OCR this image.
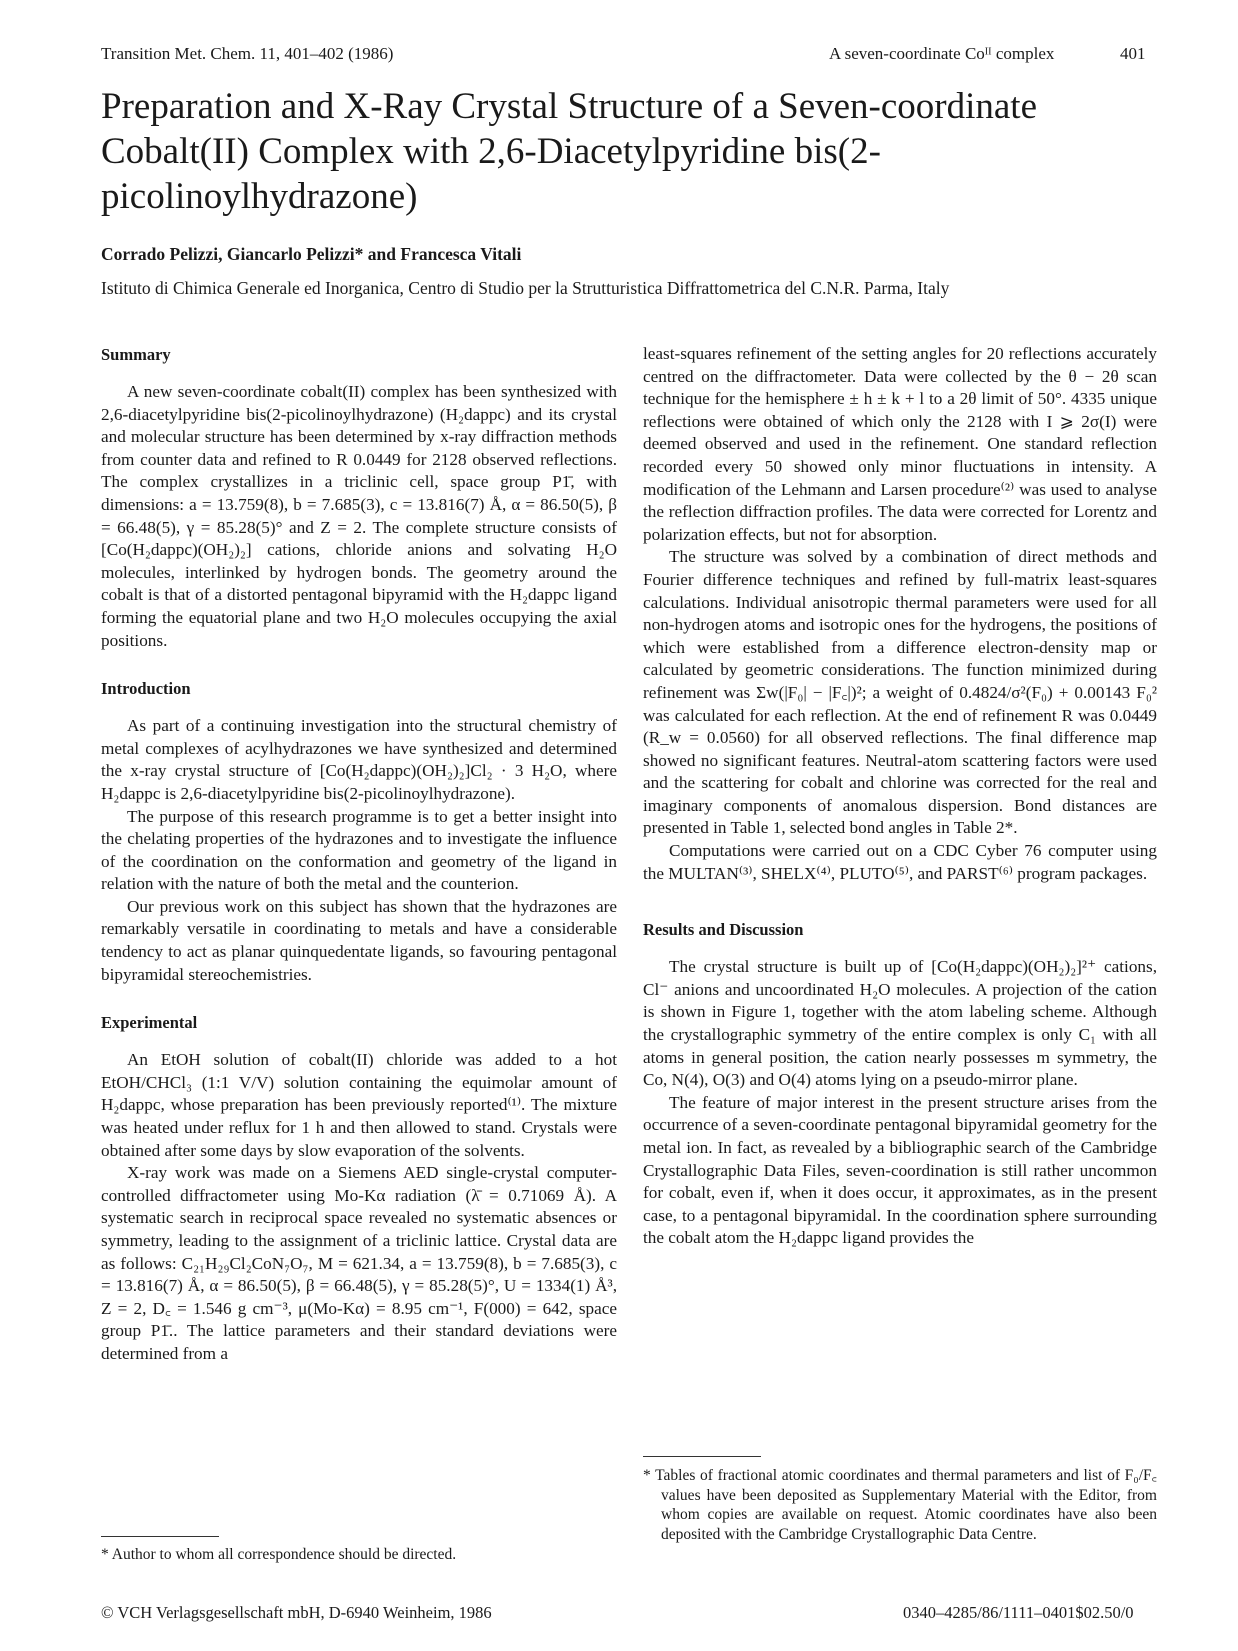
Transition Met. Chem. 11, 401–402 (1986)	A seven-coordinate Coᴵᴵ complex	401
Preparation and X-Ray Crystal Structure of a Seven-coordinate Cobalt(II) Complex with 2,6-Diacetylpyridine bis(2-picolinoylhydrazone)
Corrado Pelizzi, Giancarlo Pelizzi* and Francesca Vitali
Istituto di Chimica Generale ed Inorganica, Centro di Studio per la Strutturistica Diffrattometrica del C.N.R. Parma, Italy
Summary

A new seven-coordinate cobalt(II) complex has been synthesized with 2,6-diacetylpyridine bis(2-picolinoylhydrazone) (H₂dappc) and its crystal and molecular structure has been determined by x-ray diffraction methods from counter data and refined to R 0.0449 for 2128 observed reflections. The complex crystallizes in a triclinic cell, space group P1̄, with dimensions: a = 13.759(8), b = 7.685(3), c = 13.816(7) Å, α = 86.50(5), β = 66.48(5), γ = 85.28(5)° and Z = 2. The complete structure consists of [Co(H₂dappc)(OH₂)₂] cations, chloride anions and solvating H₂O molecules, interlinked by hydrogen bonds. The geometry around the cobalt is that of a distorted pentagonal bipyramid with the H₂dappc ligand forming the equatorial plane and two H₂O molecules occupying the axial positions.

Introduction

As part of a continuing investigation into the structural chemistry of metal complexes of acylhydrazones we have synthesized and determined the x-ray crystal structure of [Co(H₂dappc)(OH₂)₂]Cl₂ · 3 H₂O, where H₂dappc is 2,6-diacetylpyridine bis(2-picolinoylhydrazone).

The purpose of this research programme is to get a better insight into the chelating properties of the hydrazones and to investigate the influence of the coordination on the conformation and geometry of the ligand in relation with the nature of both the metal and the counterion.

Our previous work on this subject has shown that the hydrazones are remarkably versatile in coordinating to metals and have a considerable tendency to act as planar quinquedentate ligands, so favouring pentagonal bipyramidal stereochemistries.

Experimental

An EtOH solution of cobalt(II) chloride was added to a hot EtOH/CHCl₃ (1:1 V/V) solution containing the equimolar amount of H₂dappc, whose preparation has been previously reported⁽¹⁾. The mixture was heated under reflux for 1 h and then allowed to stand. Crystals were obtained after some days by slow evaporation of the solvents.

X-ray work was made on a Siemens AED single-crystal computer-controlled diffractometer using Mo-Kα radiation (λ̄ = 0.71069 Å). A systematic search in reciprocal space revealed no systematic absences or symmetry, leading to the assignment of a triclinic lattice. Crystal data are as follows: C₂₁H₂₉Cl₂CoN₇O₇, M = 621.34, a = 13.759(8), b = 7.685(3), c = 13.816(7) Å, α = 86.50(5), β = 66.48(5), γ = 85.28(5)°, U = 1334(1) Å³, Z = 2, D꜀ = 1.546 g cm⁻³, μ(Mo-Kα) = 8.95 cm⁻¹, F(000) = 642, space group P1̄.. The lattice parameters and their standard deviations were determined from a

* Author to whom all correspondence should be directed.

least-squares refinement of the setting angles for 20 reflections accurately centred on the diffractometer. Data were collected by the θ − 2θ scan technique for the hemisphere ± h ± k + l to a 2θ limit of 50°. 4335 unique reflections were obtained of which only the 2128 with I ⩾ 2σ(I) were deemed observed and used in the refinement. One standard reflection recorded every 50 showed only minor fluctuations in intensity. A modification of the Lehmann and Larsen procedure⁽²⁾ was used to analyse the reflection diffraction profiles. The data were corrected for Lorentz and polarization effects, but not for absorption.

The structure was solved by a combination of direct methods and Fourier difference techniques and refined by full-matrix least-squares calculations. Individual anisotropic thermal parameters were used for all non-hydrogen atoms and isotropic ones for the hydrogens, the positions of which were established from a difference electron-density map or calculated by geometric considerations. The function minimized during refinement was Σw(|F₀| − |F꜀|)²; a weight of 0.4824/σ²(F₀) + 0.00143 F₀² was calculated for each reflection. At the end of refinement R was 0.0449 (R_w = 0.0560) for all observed reflections. The final difference map showed no significant features. Neutral-atom scattering factors were used and the scattering for cobalt and chlorine was corrected for the real and imaginary components of anomalous dispersion. Bond distances are presented in Table 1, selected bond angles in Table 2*.

Computations were carried out on a CDC Cyber 76 computer using the MULTAN⁽³⁾, SHELX⁽⁴⁾, PLUTO⁽⁵⁾, and PARST⁽⁶⁾ program packages.

Results and Discussion

The crystal structure is built up of [Co(H₂dappc)(OH₂)₂]²⁺ cations, Cl⁻ anions and uncoordinated H₂O molecules. A projection of the cation is shown in Figure 1, together with the atom labeling scheme. Although the crystallographic symmetry of the entire complex is only C₁ with all atoms in general position, the cation nearly possesses m symmetry, the Co, N(4), O(3) and O(4) atoms lying on a pseudo-mirror plane.

The feature of major interest in the present structure arises from the occurrence of a seven-coordinate pentagonal bipyramidal geometry for the metal ion. In fact, as revealed by a bibliographic search of the Cambridge Crystallographic Data Files, seven-coordination is still rather uncommon for cobalt, even if, when it does occur, it approximates, as in the present case, to a pentagonal bipyramidal. In the coordination sphere surrounding the cobalt atom the H₂dappc ligand provides the

* Tables of fractional atomic coordinates and thermal parameters and list of F₀/F꜀ values have been deposited as Supplementary Material with the Editor, from whom copies are available on request. Atomic coordinates have also been deposited with the Cambridge Crystallographic Data Centre.
© VCH Verlagsgesellschaft mbH, D-6940 Weinheim, 1986	0340–4285/86/1111–0401$02.50/0
